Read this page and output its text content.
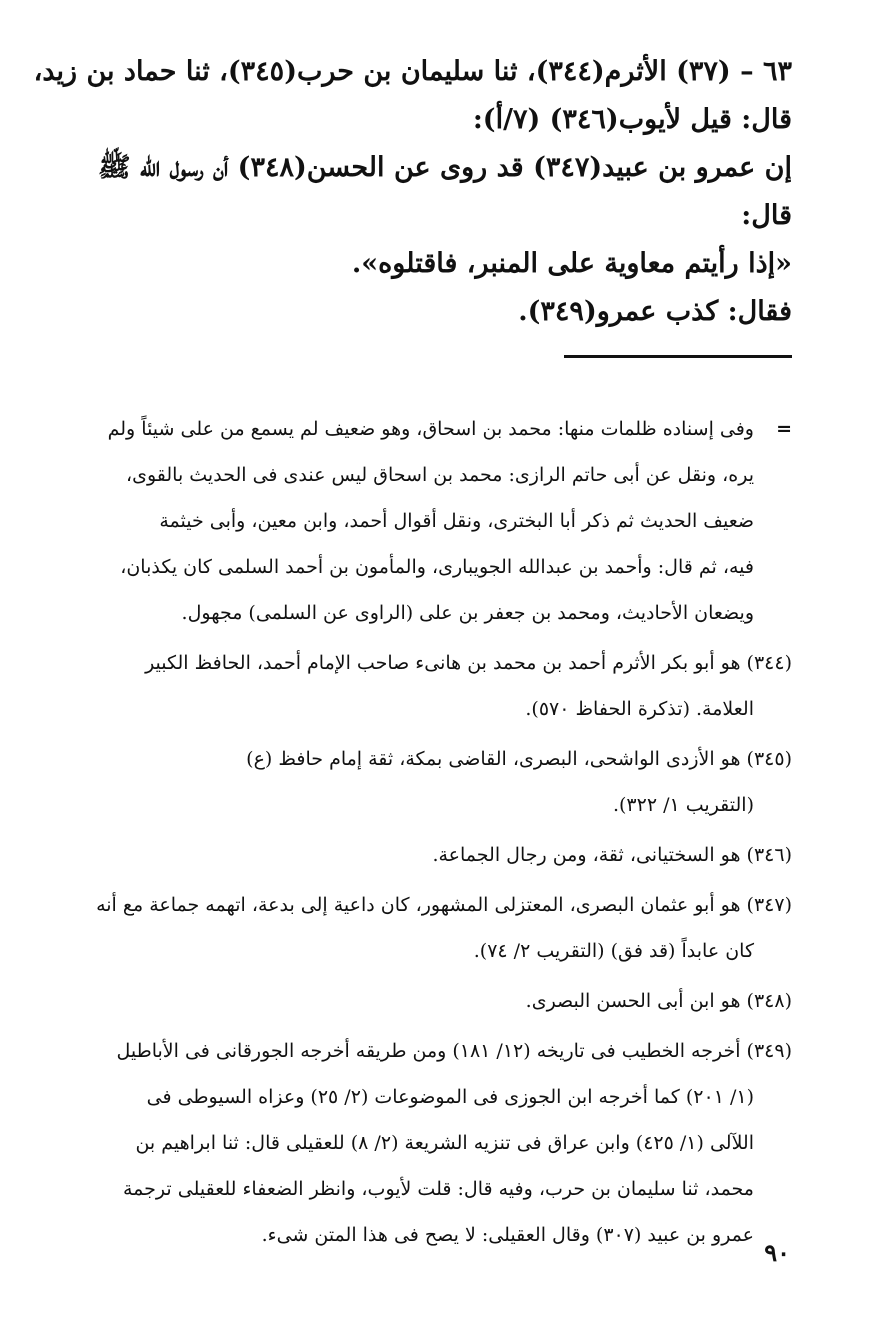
٦٣ – (٣٧) الأثرم(٣٤٤)، ثنا سليمان بن حرب(٣٤٥)، ثنا حماد بن زيد،
قال: قيل لأيوب(٣٤٦) (٧/أ):
إن عمرو بن عبيد(٣٤٧) قد روى عن الحسن(٣٤٨) أن رسول الله ﷺ
قال:
«إذا رأيتم معاوية على المنبر، فاقتلوه».
فقال: كذب عمرو(٣٤٩).
=وفى إسناده ظلمات منها: محمد بن اسحاق، وهو ضعيف لم يسمع من على شيئاً ولم
يره، ونقل عن أبى حاتم الرازى: محمد بن اسحاق ليس عندى فى الحديث بالقوى،
ضعيف الحديث ثم ذكر أبا البخترى، ونقل أقوال أحمد، وابن معين، وأبى خيثمة
فيه، ثم قال: وأحمد بن عبدالله الجويبارى، والمأمون بن أحمد السلمى كان يكذبان،
ويضعان الأحاديث، ومحمد بن جعفر بن على (الراوى عن السلمى) مجهول.
(٣٤٤) هو أبو بكر الأثرم أحمد بن محمد بن هانىء صاحب الإمام أحمد، الحافظ الكبير
العلامة. (تذكرة الحفاظ ٥٧٠).
(٣٤٥) هو الأزدى الواشحى، البصرى، القاضى بمكة، ثقة إمام حافظ (ع)
(التقريب ١/ ٣٢٢).
(٣٤٦) هو السختيانى، ثقة، ومن رجال الجماعة.
(٣٤٧) هو أبو عثمان البصرى، المعتزلى المشهور، كان داعية إلى بدعة، اتهمه جماعة مع أنه
كان عابداً (قد فق) (التقريب ٢/ ٧٤).
(٣٤٨) هو ابن أبى الحسن البصرى.
(٣٤٩) أخرجه الخطيب فى تاريخه (١٢/ ١٨١) ومن طريقه أخرجه الجورقانى فى الأباطيل
(١/ ٢٠١) كما أخرجه ابن الجوزى فى الموضوعات (٢/ ٢٥) وعزاه السيوطى فى
اللآلى (١/ ٤٢٥) وابن عراق فى تنزيه الشريعة (٢/ ٨) للعقيلى قال: ثنا ابراهيم بن
محمد، ثنا سليمان بن حرب، وفيه قال: قلت لأيوب، وانظر الضعفاء للعقيلى ترجمة
عمرو بن عبيد (٣٠٧) وقال العقيلى: لا يصح فى هذا المتن شىء.
٩٠
